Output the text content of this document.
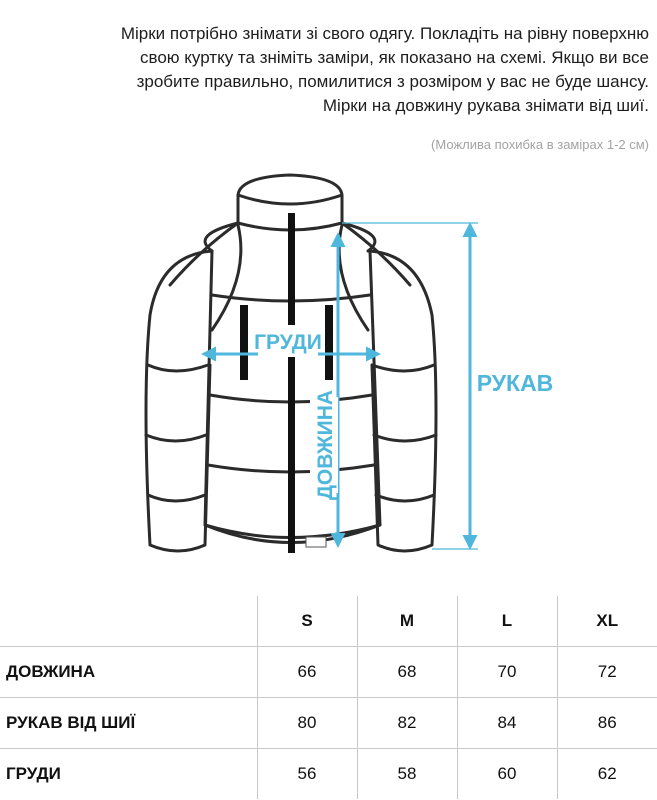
Мірки потрібно знімати зі свого одягу. Покладіть на рівну поверхню

свою куртку та зніміть заміри, як показано на схемі. Якщо ви все

зробите правильно, помилитися з розміром у вас не буде шансу.

Мірки на довжину рукава знімати від шиї.

(Можлива похибка в замірах 1-2 см)
ГРУДИ
ДОВЖИНА
РУКАВ
	S	M	L	XL
ДОВЖИНА	66	68	70	72
РУКАВ ВІД ШИЇ	80	82	84	86
ГРУДИ	56	58	60	62
